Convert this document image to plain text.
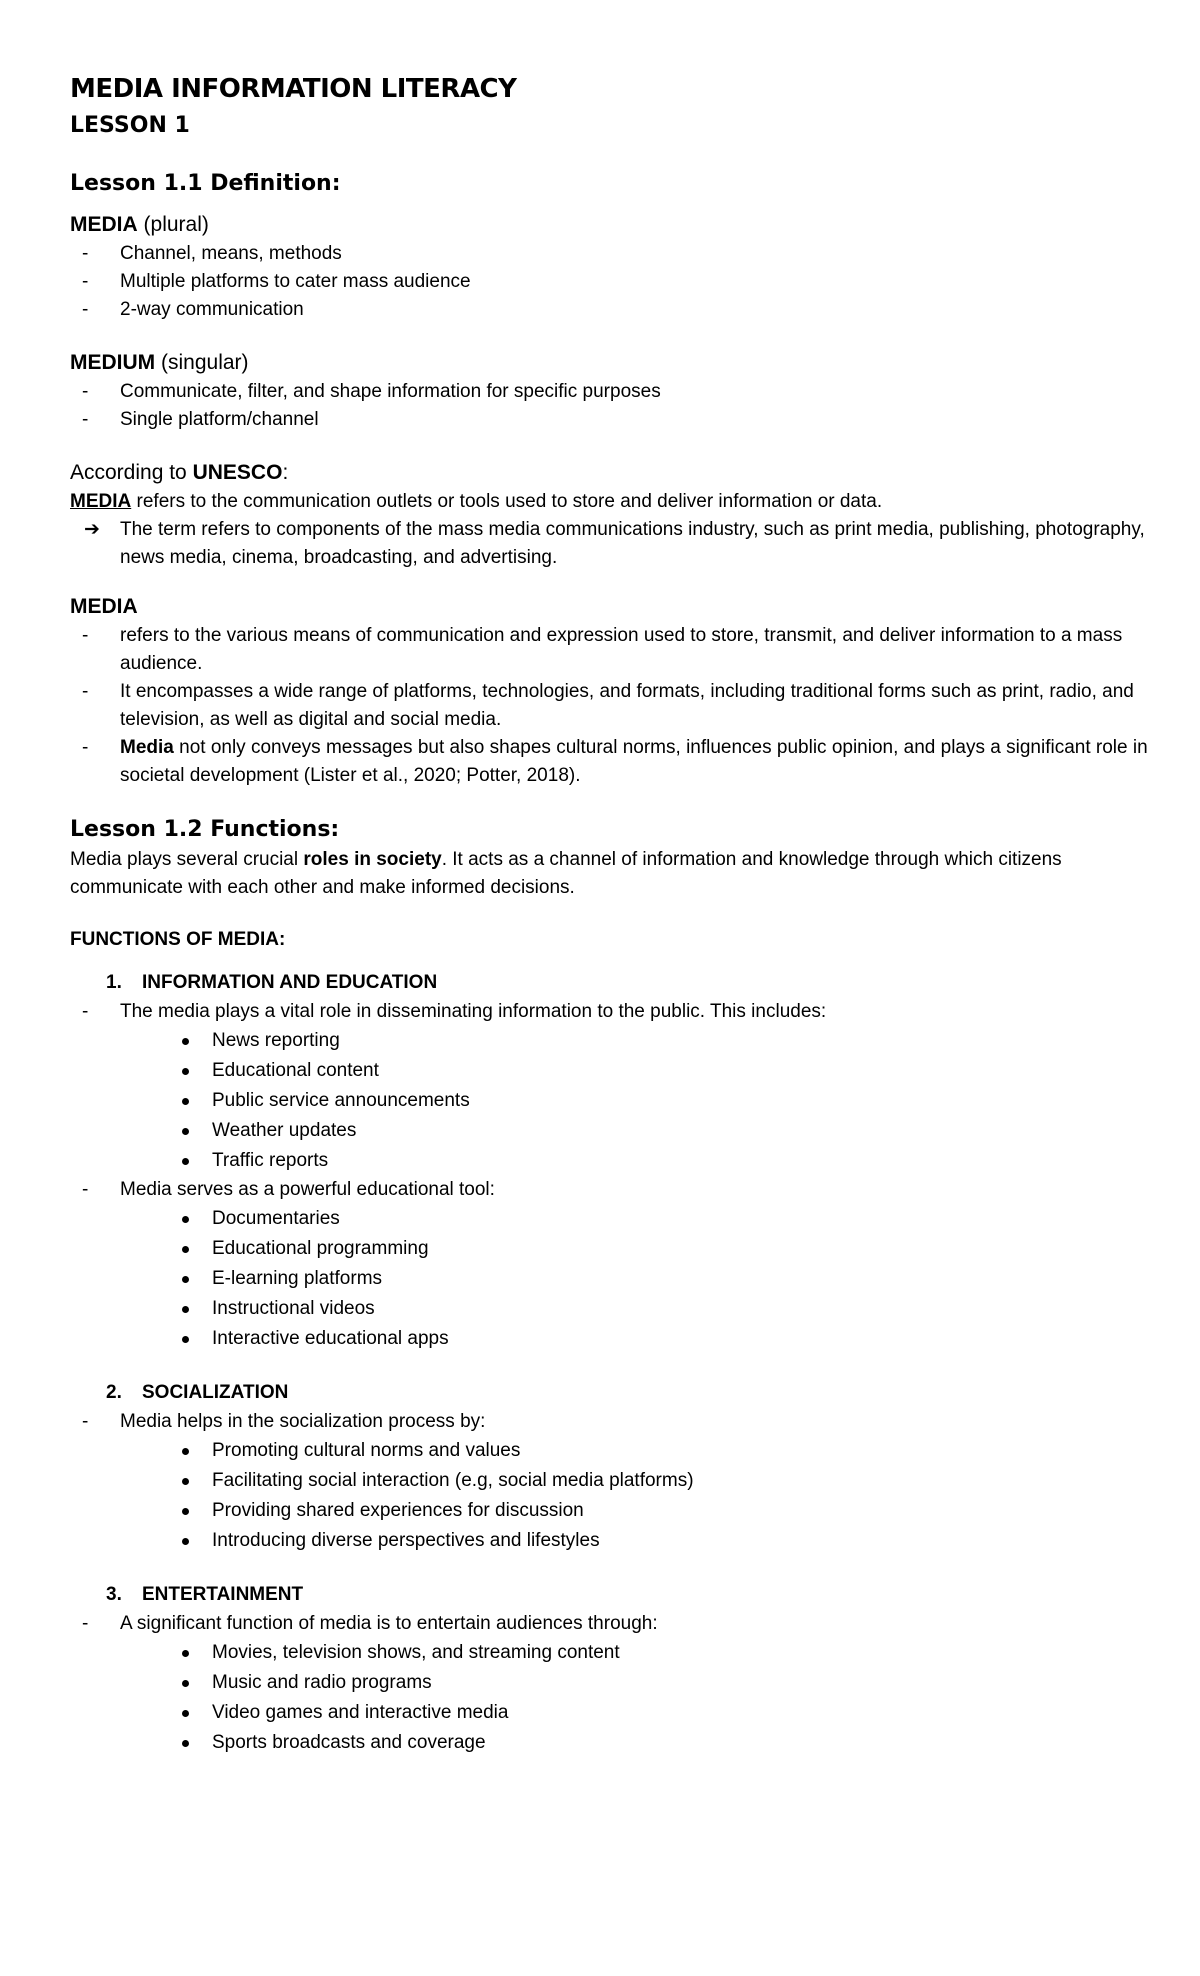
MEDIA INFORMATION LITERACY
LESSON 1
Lesson 1.1 Definition:

MEDIA (plural)

- Channel, means, methods
- Multiple platforms to cater mass audience
- 2-way communication

MEDIUM (singular)

- Communicate, filter, and shape information for specific purposes
- Single platform/channel

According to UNESCO:

MEDIA refers to the communication outlets or tools used to store and deliver information or data.

➔ The term refers to components of the mass media communications industry, such as print media, publishing, photography, news media, cinema, broadcasting, and advertising.

MEDIA

- refers to the various means of communication and expression used to store, transmit, and deliver information to a mass audience.
- It encompasses a wide range of platforms, technologies, and formats, including traditional forms such as print, radio, and television, as well as digital and social media.
- Media not only conveys messages but also shapes cultural norms, influences public opinion, and plays a significant role in societal development (Lister et al., 2020; Potter, 2018).
Lesson 1.2 Functions:

Media plays several crucial roles in society. It acts as a channel of information and knowledge through which citizens communicate with each other and make informed decisions.

FUNCTIONS OF MEDIA:

1. INFORMATION AND EDUCATION

- The media plays a vital role in disseminating information to the public. This includes:
News reporting
Educational content
Public service announcements
Weather updates
Traffic reports
- Media serves as a powerful educational tool:
Documentaries
Educational programming
E-learning platforms
Instructional videos
Interactive educational apps

2. SOCIALIZATION

- Media helps in the socialization process by:
Promoting cultural norms and values
Facilitating social interaction (e.g, social media platforms)
Providing shared experiences for discussion
Introducing diverse perspectives and lifestyles

3. ENTERTAINMENT

- A significant function of media is to entertain audiences through:
Movies, television shows, and streaming content
Music and radio programs
Video games and interactive media
Sports broadcasts and coverage
